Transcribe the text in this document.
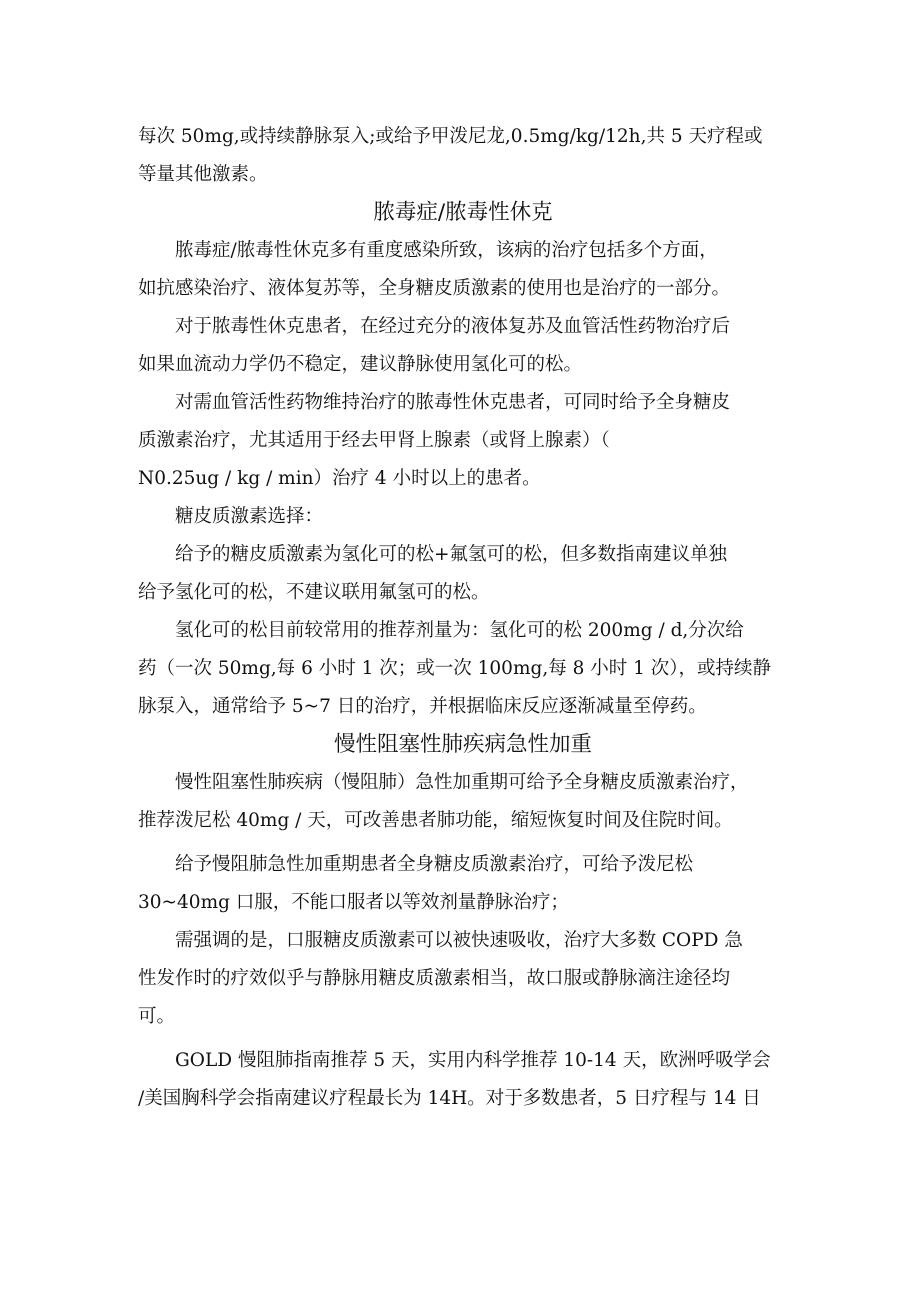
每次 50mg,或持续静脉泵入;或给予甲泼尼龙,0.5mg/kg/12h,共 5 天疗程或
等量其他激素。

脓毒症/脓毒性休克

脓毒症/脓毒性休克多有重度感染所致，该病的治疗包括多个方面，
如抗感染治疗、液体复苏等，全身糖皮质激素的使用也是治疗的一部分。

对于脓毒性休克患者，在经过充分的液体复苏及血管活性药物治疗后
如果血流动力学仍不稳定，建议静脉使用氢化可的松。

对需血管活性药物维持治疗的脓毒性休克患者，可同时给予全身糖皮
质激素治疗，尤其适用于经去甲肾上腺素（或肾上腺素）（
N0.25ug / kg / min）治疗 4 小时以上的患者。

糖皮质激素选择：

给予的糖皮质激素为氢化可的松+氟氢可的松，但多数指南建议单独
给予氢化可的松，不建议联用氟氢可的松。

氢化可的松目前较常用的推荐剂量为：氢化可的松 200mg / d,分次给
药（一次 50mg,每 6 小时 1 次；或一次 100mg,每 8 小时 1 次），或持续静
脉泵入，通常给予 5~7 日的治疗，并根据临床反应逐渐减量至停药。

慢性阻塞性肺疾病急性加重

慢性阻塞性肺疾病（慢阻肺）急性加重期可给予全身糖皮质激素治疗，
推荐泼尼松 40mg / 天，可改善患者肺功能，缩短恢复时间及住院时间。

给予慢阻肺急性加重期患者全身糖皮质激素治疗，可给予泼尼松
30~40mg 口服，不能口服者以等效剂量静脉治疗；

需强调的是，口服糖皮质激素可以被快速吸收，治疗大多数 COPD 急
性发作时的疗效似乎与静脉用糖皮质激素相当，故口服或静脉滴注途径均
可。

GOLD 慢阻肺指南推荐 5 天，实用内科学推荐 10-14 天，欧洲呼吸学会
/美国胸科学会指南建议疗程最长为 14H。对于多数患者，5 日疗程与 14 日
